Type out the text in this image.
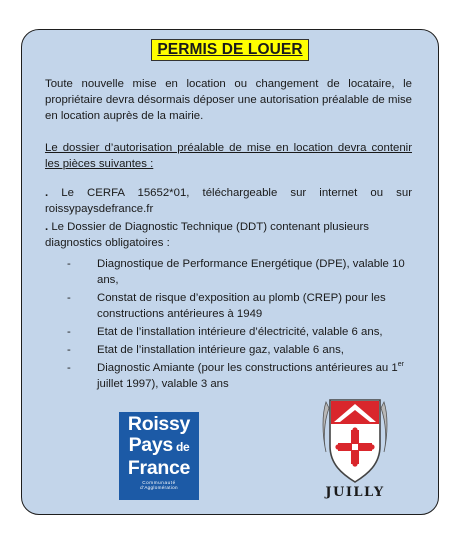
PERMIS DE LOUER
Toute nouvelle mise en location ou changement de locataire, le propriétaire devra désormais déposer une autorisation préalable de mise en location auprès de la mairie.
Le dossier d’autorisation préalable de mise en location devra contenir les pièces suivantes :
. Le CERFA 15652*01, téléchargeable sur internet ou sur roissypaysdefrance.fr
. Le Dossier de Diagnostic Technique (DDT) contenant plusieurs diagnostics obligatoires :
- Diagnostique de Performance Energétique (DPE), valable 10 ans,
- Constat de risque d’exposition au plomb (CREP) pour les constructions antérieures à 1949
- Etat de l’installation intérieure d’électricité, valable 6 ans,
- Etat de l’installation intérieure gaz, valable 6 ans,
- Diagnostic Amiante (pour les constructions antérieures au 1er juillet 1997), valable 3 ans
Roissy
Pays de
France
Communauté
d’Agglomération	JUILLY
